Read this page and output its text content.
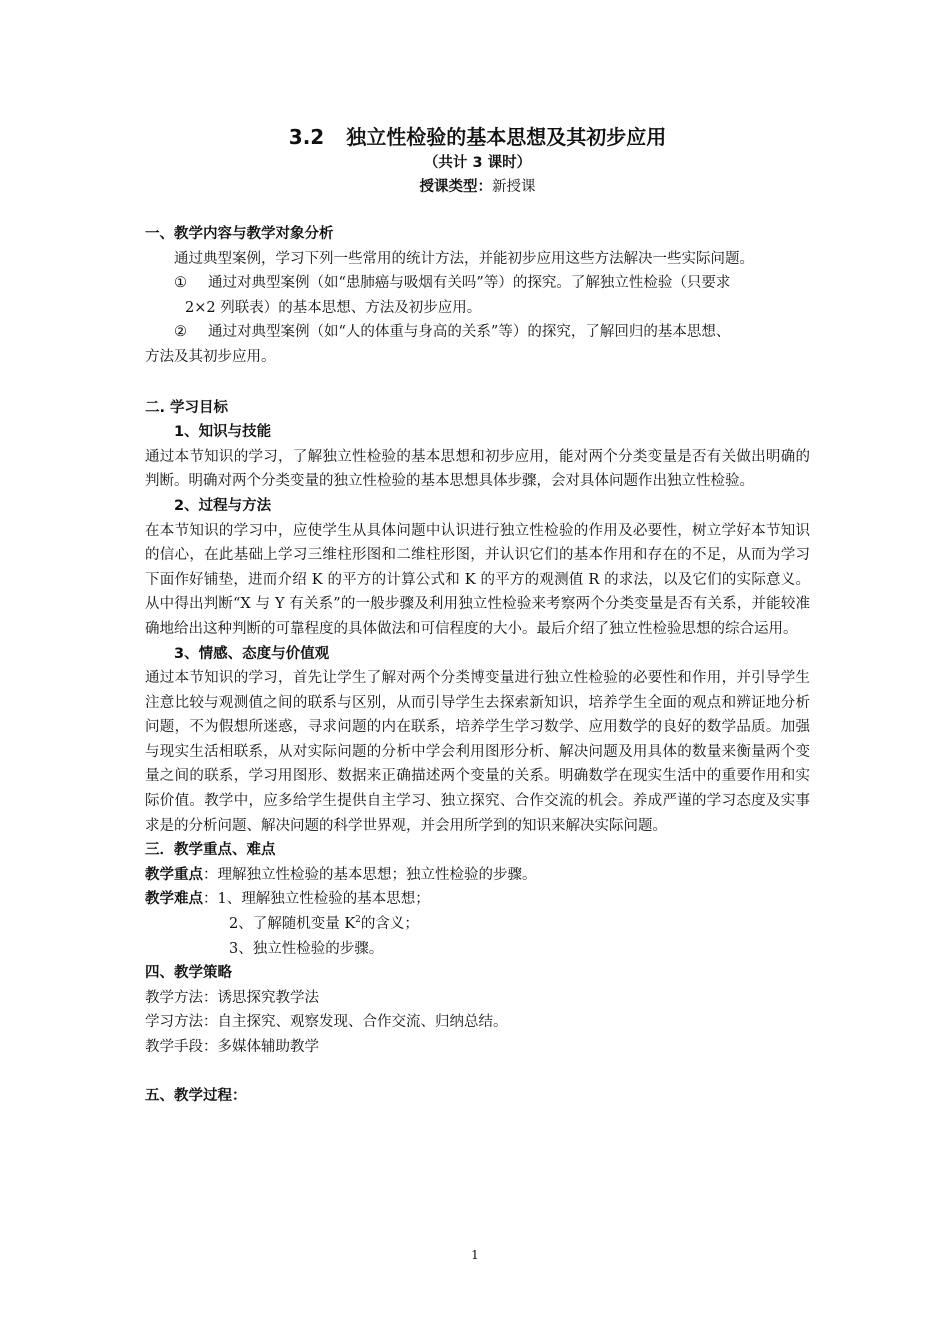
3.2 独立性检验的基本思想及其初步应用
（共计 3 课时）
授课类型：新授课
一、教学内容与教学对象分析

通过典型案例，学习下列一些常用的统计方法，并能初步应用这些方法解决一些实际问题。

① 通过对典型案例（如“患肺癌与吸烟有关吗”等）的探究。了解独立性检验（只要求

2×2 列联表）的基本思想、方法及初步应用。

② 通过对典型案例（如“人的体重与身高的关系”等）的探究，了解回归的基本思想、

方法及其初步应用。

二. 学习目标
1、知识与技能

通过本节知识的学习，了解独立性检验的基本思想和初步应用，能对两个分类变量是否有关做出明确的判断。明确对两个分类变量的独立性检验的基本思想具体步骤，会对具体问题作出独立性检验。

2、过程与方法

在本节知识的学习中，应使学生从具体问题中认识进行独立性检验的作用及必要性，树立学好本节知识的信心，在此基础上学习三维柱形图和二维柱形图，并认识它们的基本作用和存在的不足，从而为学习下面作好铺垫，进而介绍 K 的平方的计算公式和 K 的平方的观测值 R 的求法，以及它们的实际意义。从中得出判断“X 与 Y 有关系”的一般步骤及利用独立性检验来考察两个分类变量是否有关系，并能较准确地给出这种判断的可靠程度的具体做法和可信程度的大小。最后介绍了独立性检验思想的综合运用。

3、情感、态度与价值观

通过本节知识的学习，首先让学生了解对两个分类博变量进行独立性检验的必要性和作用，并引导学生注意比较与观测值之间的联系与区别，从而引导学生去探索新知识，培养学生全面的观点和辨证地分析问题，不为假想所迷惑，寻求问题的内在联系，培养学生学习数学、应用数学的良好的数学品质。加强与现实生活相联系，从对实际问题的分析中学会利用图形分析、解决问题及用具体的数量来衡量两个变量之间的联系，学习用图形、数据来正确描述两个变量的关系。明确数学在现实生活中的重要作用和实际价值。教学中，应多给学生提供自主学习、独立探究、合作交流的机会。养成严谨的学习态度及实事求是的分析问题、解决问题的科学世界观，并会用所学到的知识来解决实际问题。

三．教学重点、难点

教学重点：理解独立性检验的基本思想；独立性检验的步骤。

教学难点：1、理解独立性检验的基本思想；

2、了解随机变量 $K^2$的含义；

3、独立性检验的步骤。

四、教学策略

教学方法：诱思探究教学法

学习方法：自主探究、观察发现、合作交流、归纳总结。

教学手段：多媒体辅助教学

五、教学过程：
1
